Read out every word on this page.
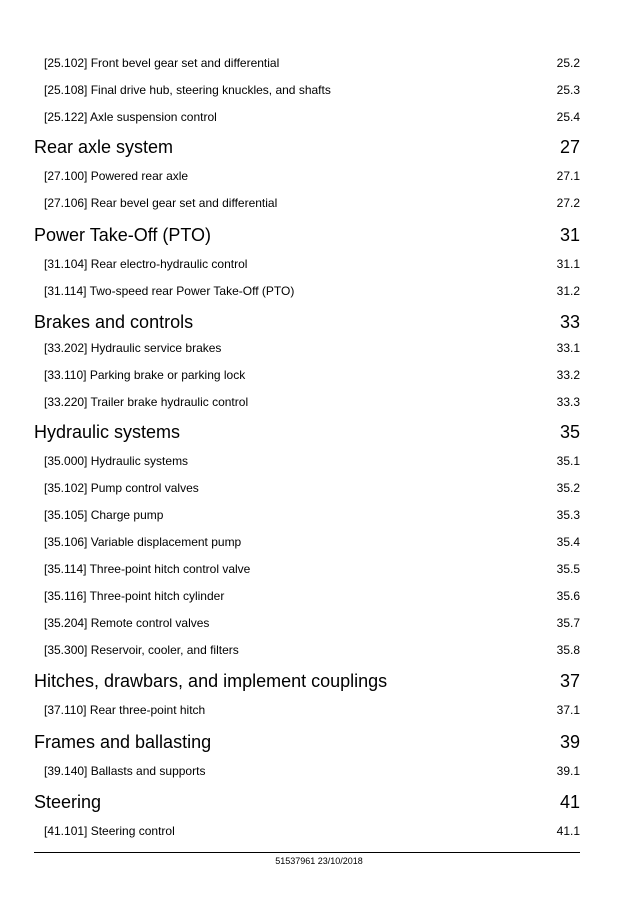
[25.102] Front bevel gear set and differential	25.2
[25.108] Final drive hub, steering knuckles, and shafts	25.3
[25.122] Axle suspension control	25.4
Rear axle system	27
[27.100] Powered rear axle	27.1
[27.106] Rear bevel gear set and differential	27.2
Power Take-Off (PTO)	31
[31.104] Rear electro-hydraulic control	31.1
[31.114] Two-speed rear Power Take-Off (PTO)	31.2
Brakes and controls	33
[33.202] Hydraulic service brakes	33.1
[33.110] Parking brake or parking lock	33.2
[33.220] Trailer brake hydraulic control	33.3
Hydraulic systems	35
[35.000] Hydraulic systems	35.1
[35.102] Pump control valves	35.2
[35.105] Charge pump	35.3
[35.106] Variable displacement pump	35.4
[35.114] Three-point hitch control valve	35.5
[35.116] Three-point hitch cylinder	35.6
[35.204] Remote control valves	35.7
[35.300] Reservoir, cooler, and filters	35.8
Hitches, drawbars, and implement couplings	37
[37.110] Rear three-point hitch	37.1
Frames and ballasting	39
[39.140] Ballasts and supports	39.1
Steering	41
[41.101] Steering control	41.1
51537961 23/10/2018
